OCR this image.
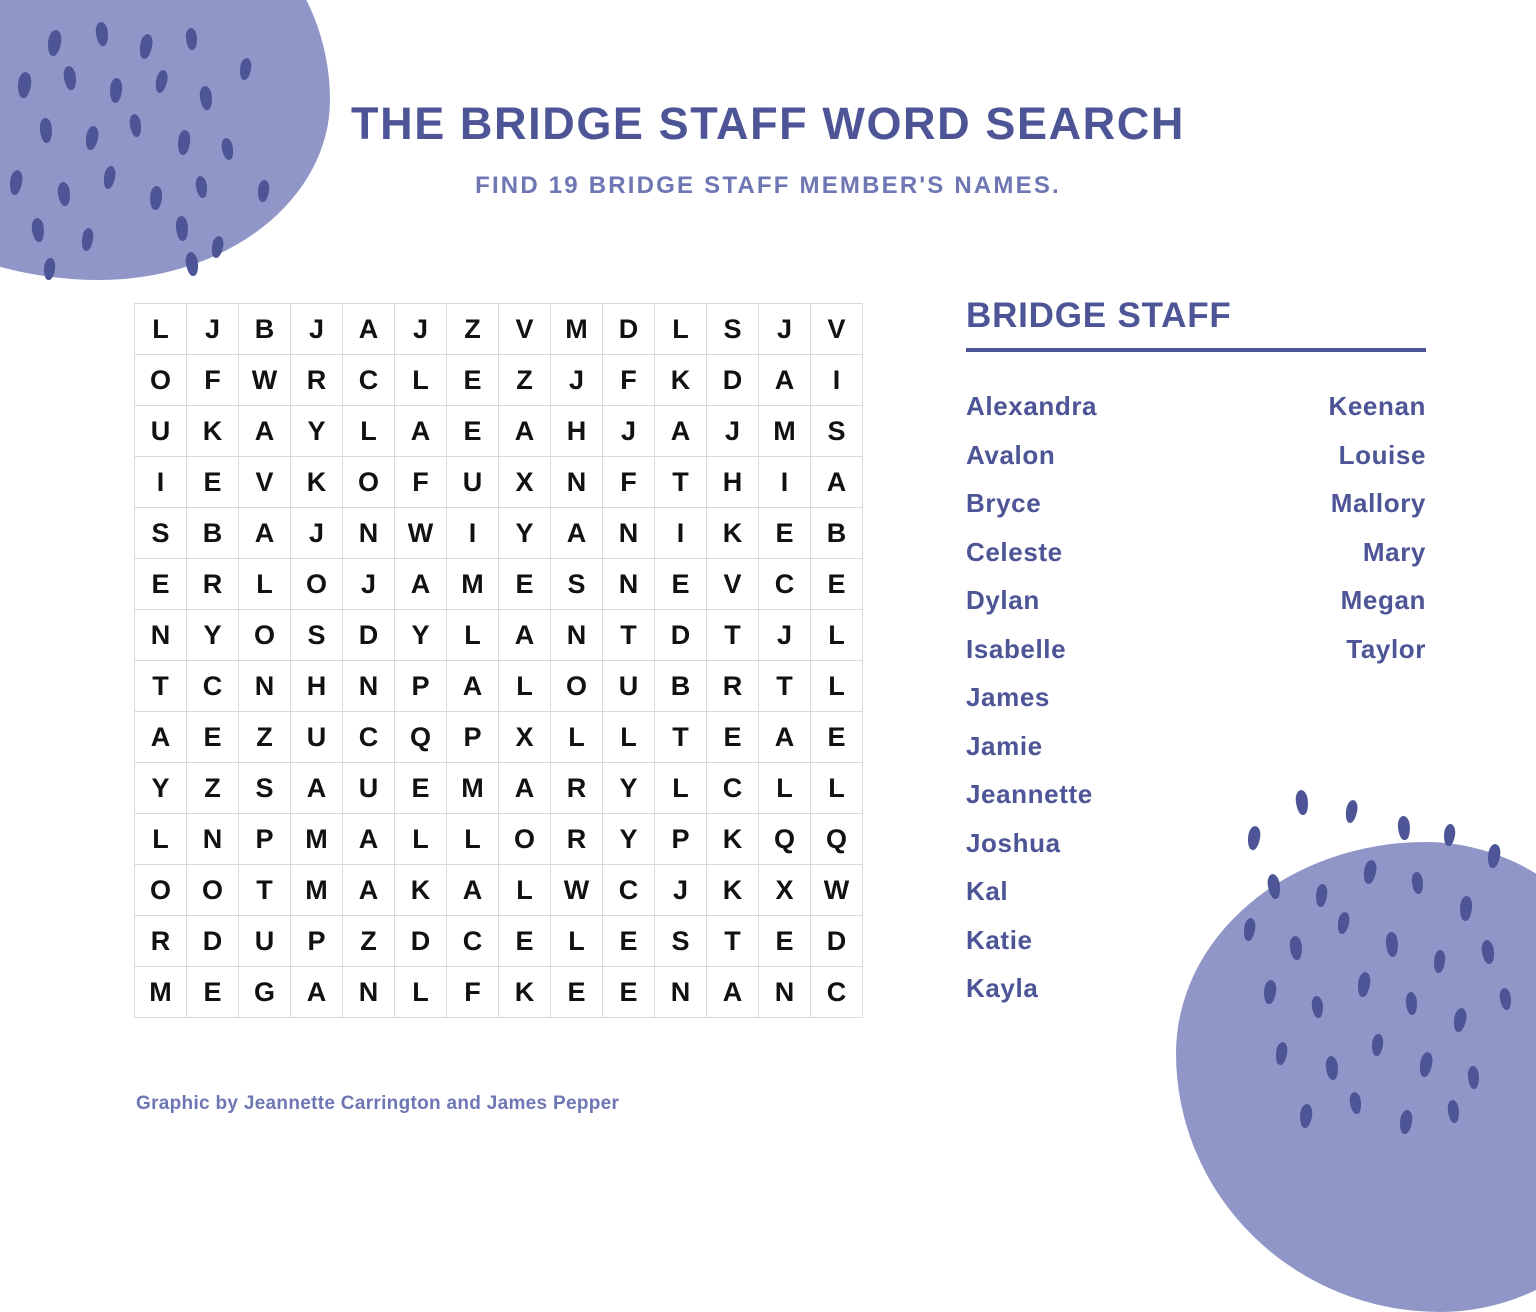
THE BRIDGE STAFF WORD SEARCH

FIND 19 BRIDGE STAFF MEMBER'S NAMES.

L	J	B	J	A	J	Z	V	M	D	L	S	J	V
O	F	W	R	C	L	E	Z	J	F	K	D	A	I
U	K	A	Y	L	A	E	A	H	J	A	J	M	S
I	E	V	K	O	F	U	X	N	F	T	H	I	A
S	B	A	J	N	W	I	Y	A	N	I	K	E	B
E	R	L	O	J	A	M	E	S	N	E	V	C	E
N	Y	O	S	D	Y	L	A	N	T	D	T	J	L
T	C	N	H	N	P	A	L	O	U	B	R	T	L
A	E	Z	U	C	Q	P	X	L	L	T	E	A	E
Y	Z	S	A	U	E	M	A	R	Y	L	C	L	L
L	N	P	M	A	L	L	O	R	Y	P	K	Q	Q
O	O	T	M	A	K	A	L	W	C	J	K	X	W
R	D	U	P	Z	D	C	E	L	E	S	T	E	D
M	E	G	A	N	L	F	K	E	E	N	A	N	C
BRIDGE STAFF
Alexandra
Avalon
Bryce
Celeste
Dylan
Isabelle
James
Jamie
Jeannette
Joshua
Kal
Katie
Kayla
Keenan
Louise
Mallory
Mary
Megan
Taylor
Graphic by Jeannette Carrington and James Pepper
